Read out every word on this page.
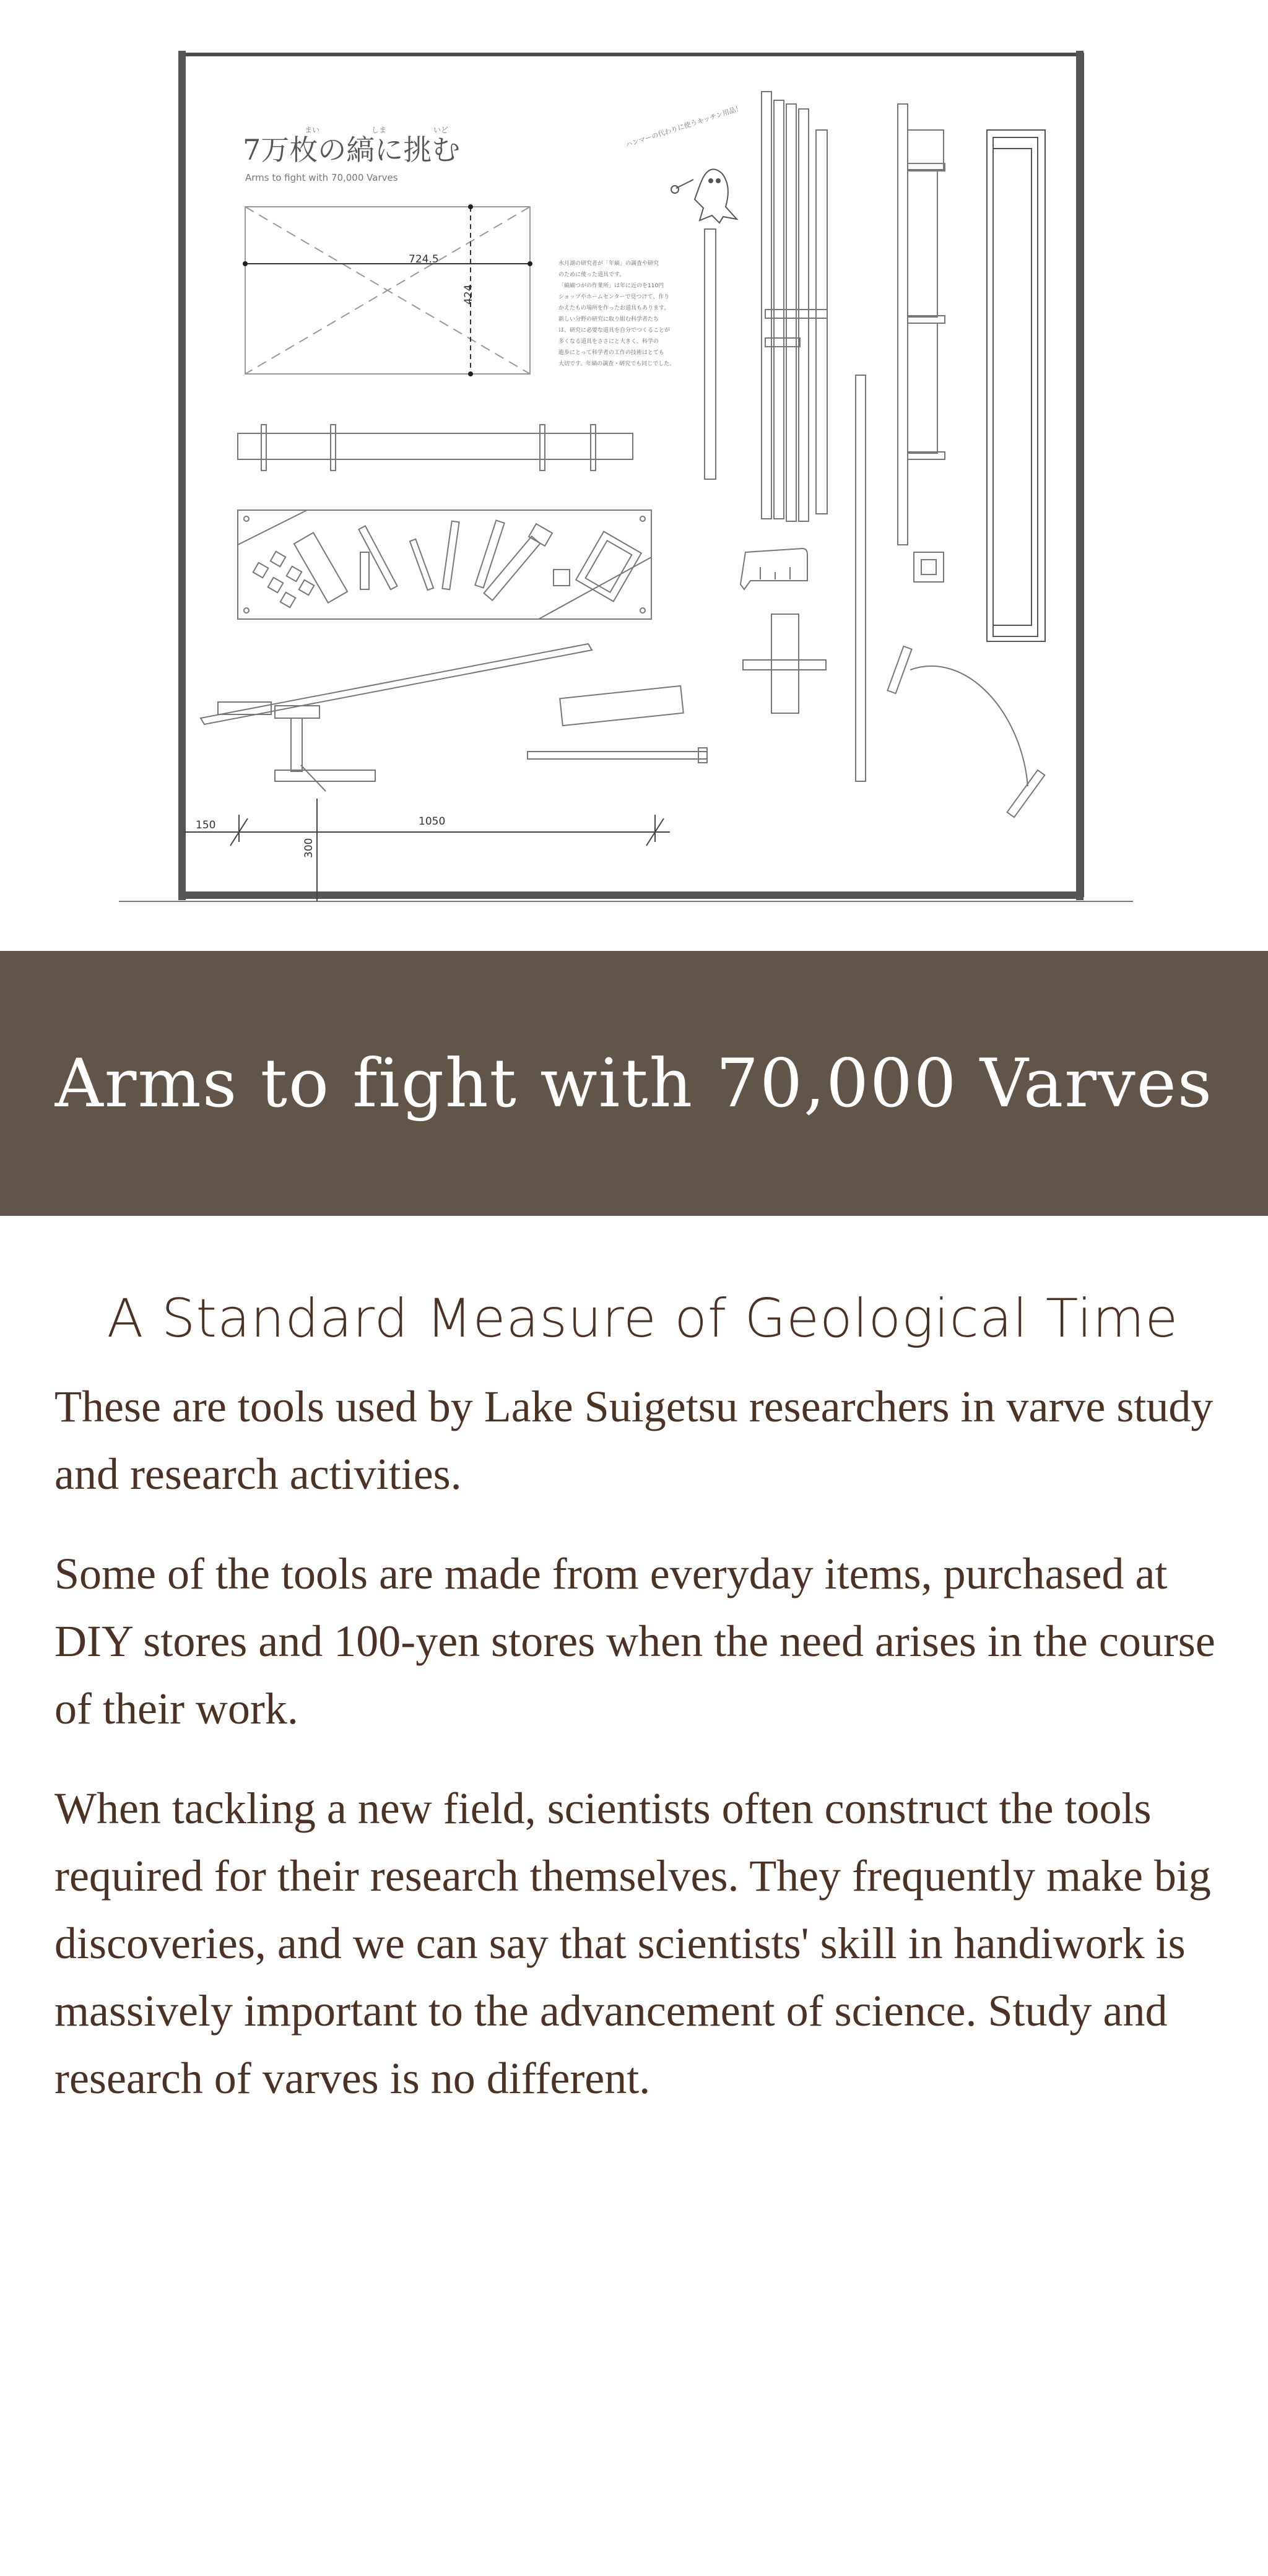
7万枚の縞に挑む
まい	しま	いど
Arms to fight with 70,000 Varves
724.5
424
水月湖の研究者が「年縞」の調査や研究
のために使った道具です。
「縞縞つがの作業所」は年に近のを110円
ショップやホームセンターで見つけて、作り
かえたもの場所を作ったお道具もあります。
新しい分野の研究に取り組む科学者たち
は、研究に必要な道具を自分でつくることが
多くなる道具をささにと大きく、科学の
進歩にとって科学者の工作の技術はとても
大切です。年縞の調査・研究でも同じでした。
ハンマーの代わりに使うキッチン用品！
150	1050
300
Arms to fight with 70,000 Varves
A Standard Measure of Geological Time

These are tools used by Lake Suigetsu researchers in varve study and research activities.

Some of the tools are made from everyday items, purchased at DIY stores and 100-yen stores when the need arises in the course of their work.

When tackling a new field, scientists often construct the tools required for their research themselves. They frequently make big discoveries, and we can say that scientists' skill in handiwork is massively important to the advancement of science. Study and research of varves is no different.
